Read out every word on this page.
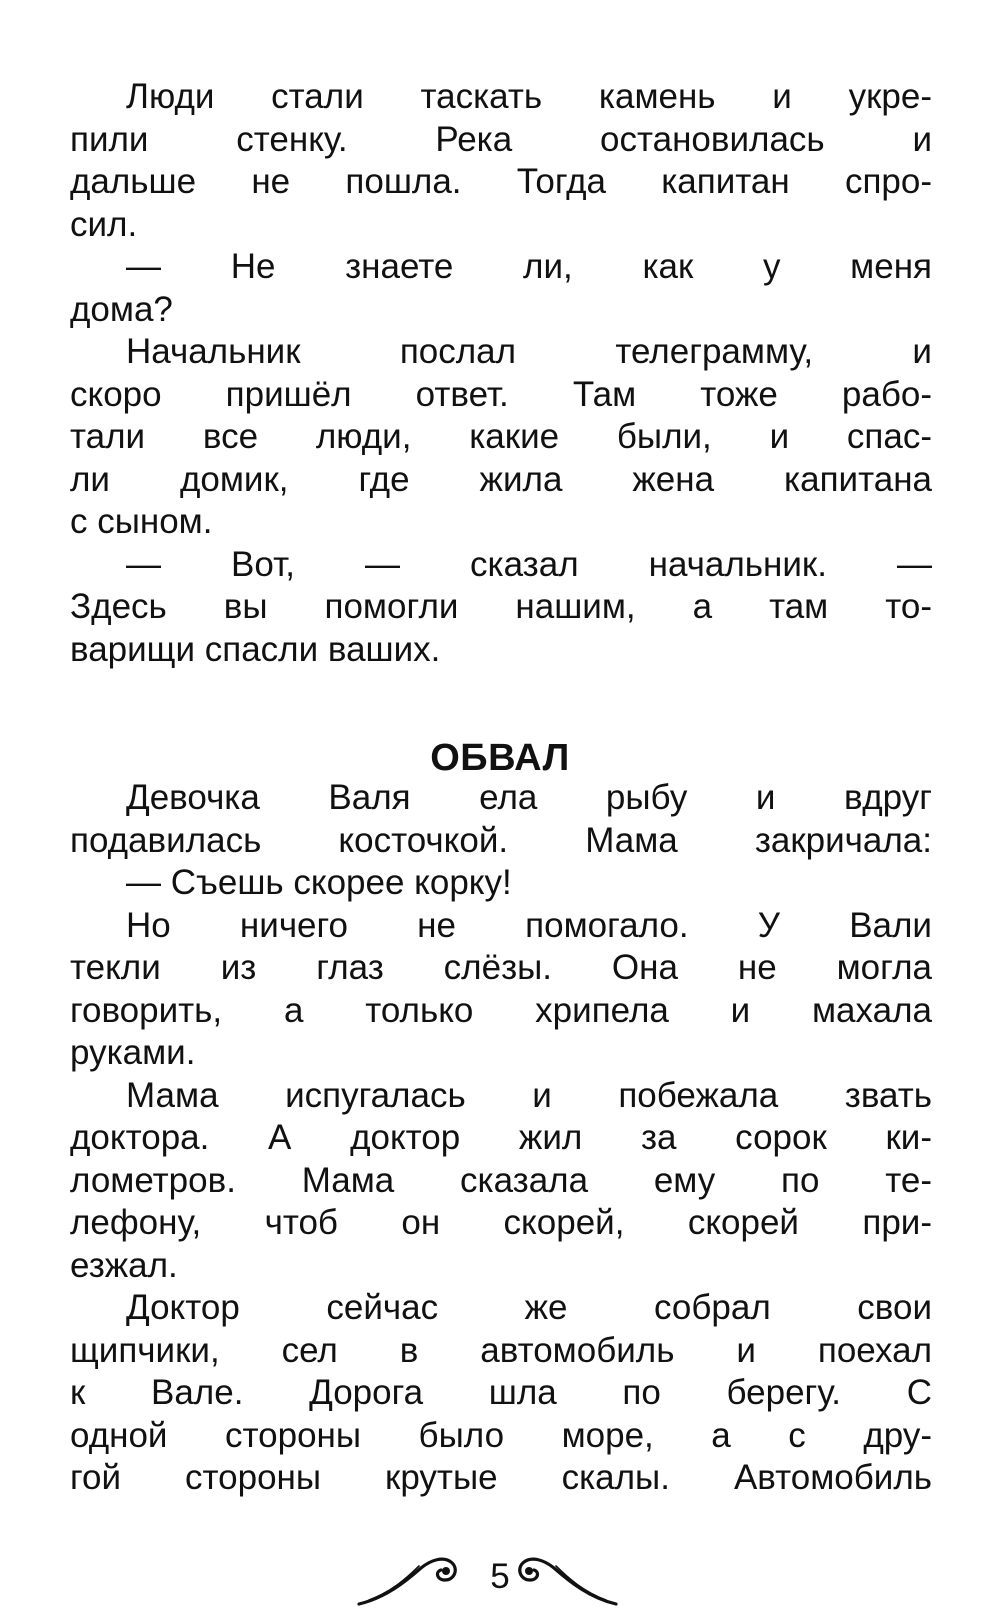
Люди стали таскать камень и укре-
пили стенку. Река остановилась и
дальше не пошла. Тогда капитан спро-
сил.
— Не знаете ли, как у меня
дома?
Начальник послал телеграмму, и
скоро пришёл ответ. Там тоже рабо-
тали все люди, какие были, и спас-
ли домик, где жила жена капитана
с сыном.
— Вот, — сказал начальник. —
Здесь вы помогли нашим, а там то-
варищи спасли ваших.
ОБВАЛ
Девочка Валя ела рыбу и вдруг
подавилась косточкой. Мама закричала:
— Съешь скорее корку!
Но ничего не помогало. У Вали
текли из глаз слёзы. Она не могла
говорить, а только хрипела и махала
руками.
Мама испугалась и побежала звать
доктора. А доктор жил за сорок ки-
лометров. Мама сказала ему по те-
лефону, чтоб он скорей, скорей при-
езжал.
Доктор сейчас же собрал свои
щипчики, сел в автомобиль и поехал
к Вале. Дорога шла по берегу. С
одной стороны было море, а с дру-
гой стороны крутые скалы. Автомобиль
5
